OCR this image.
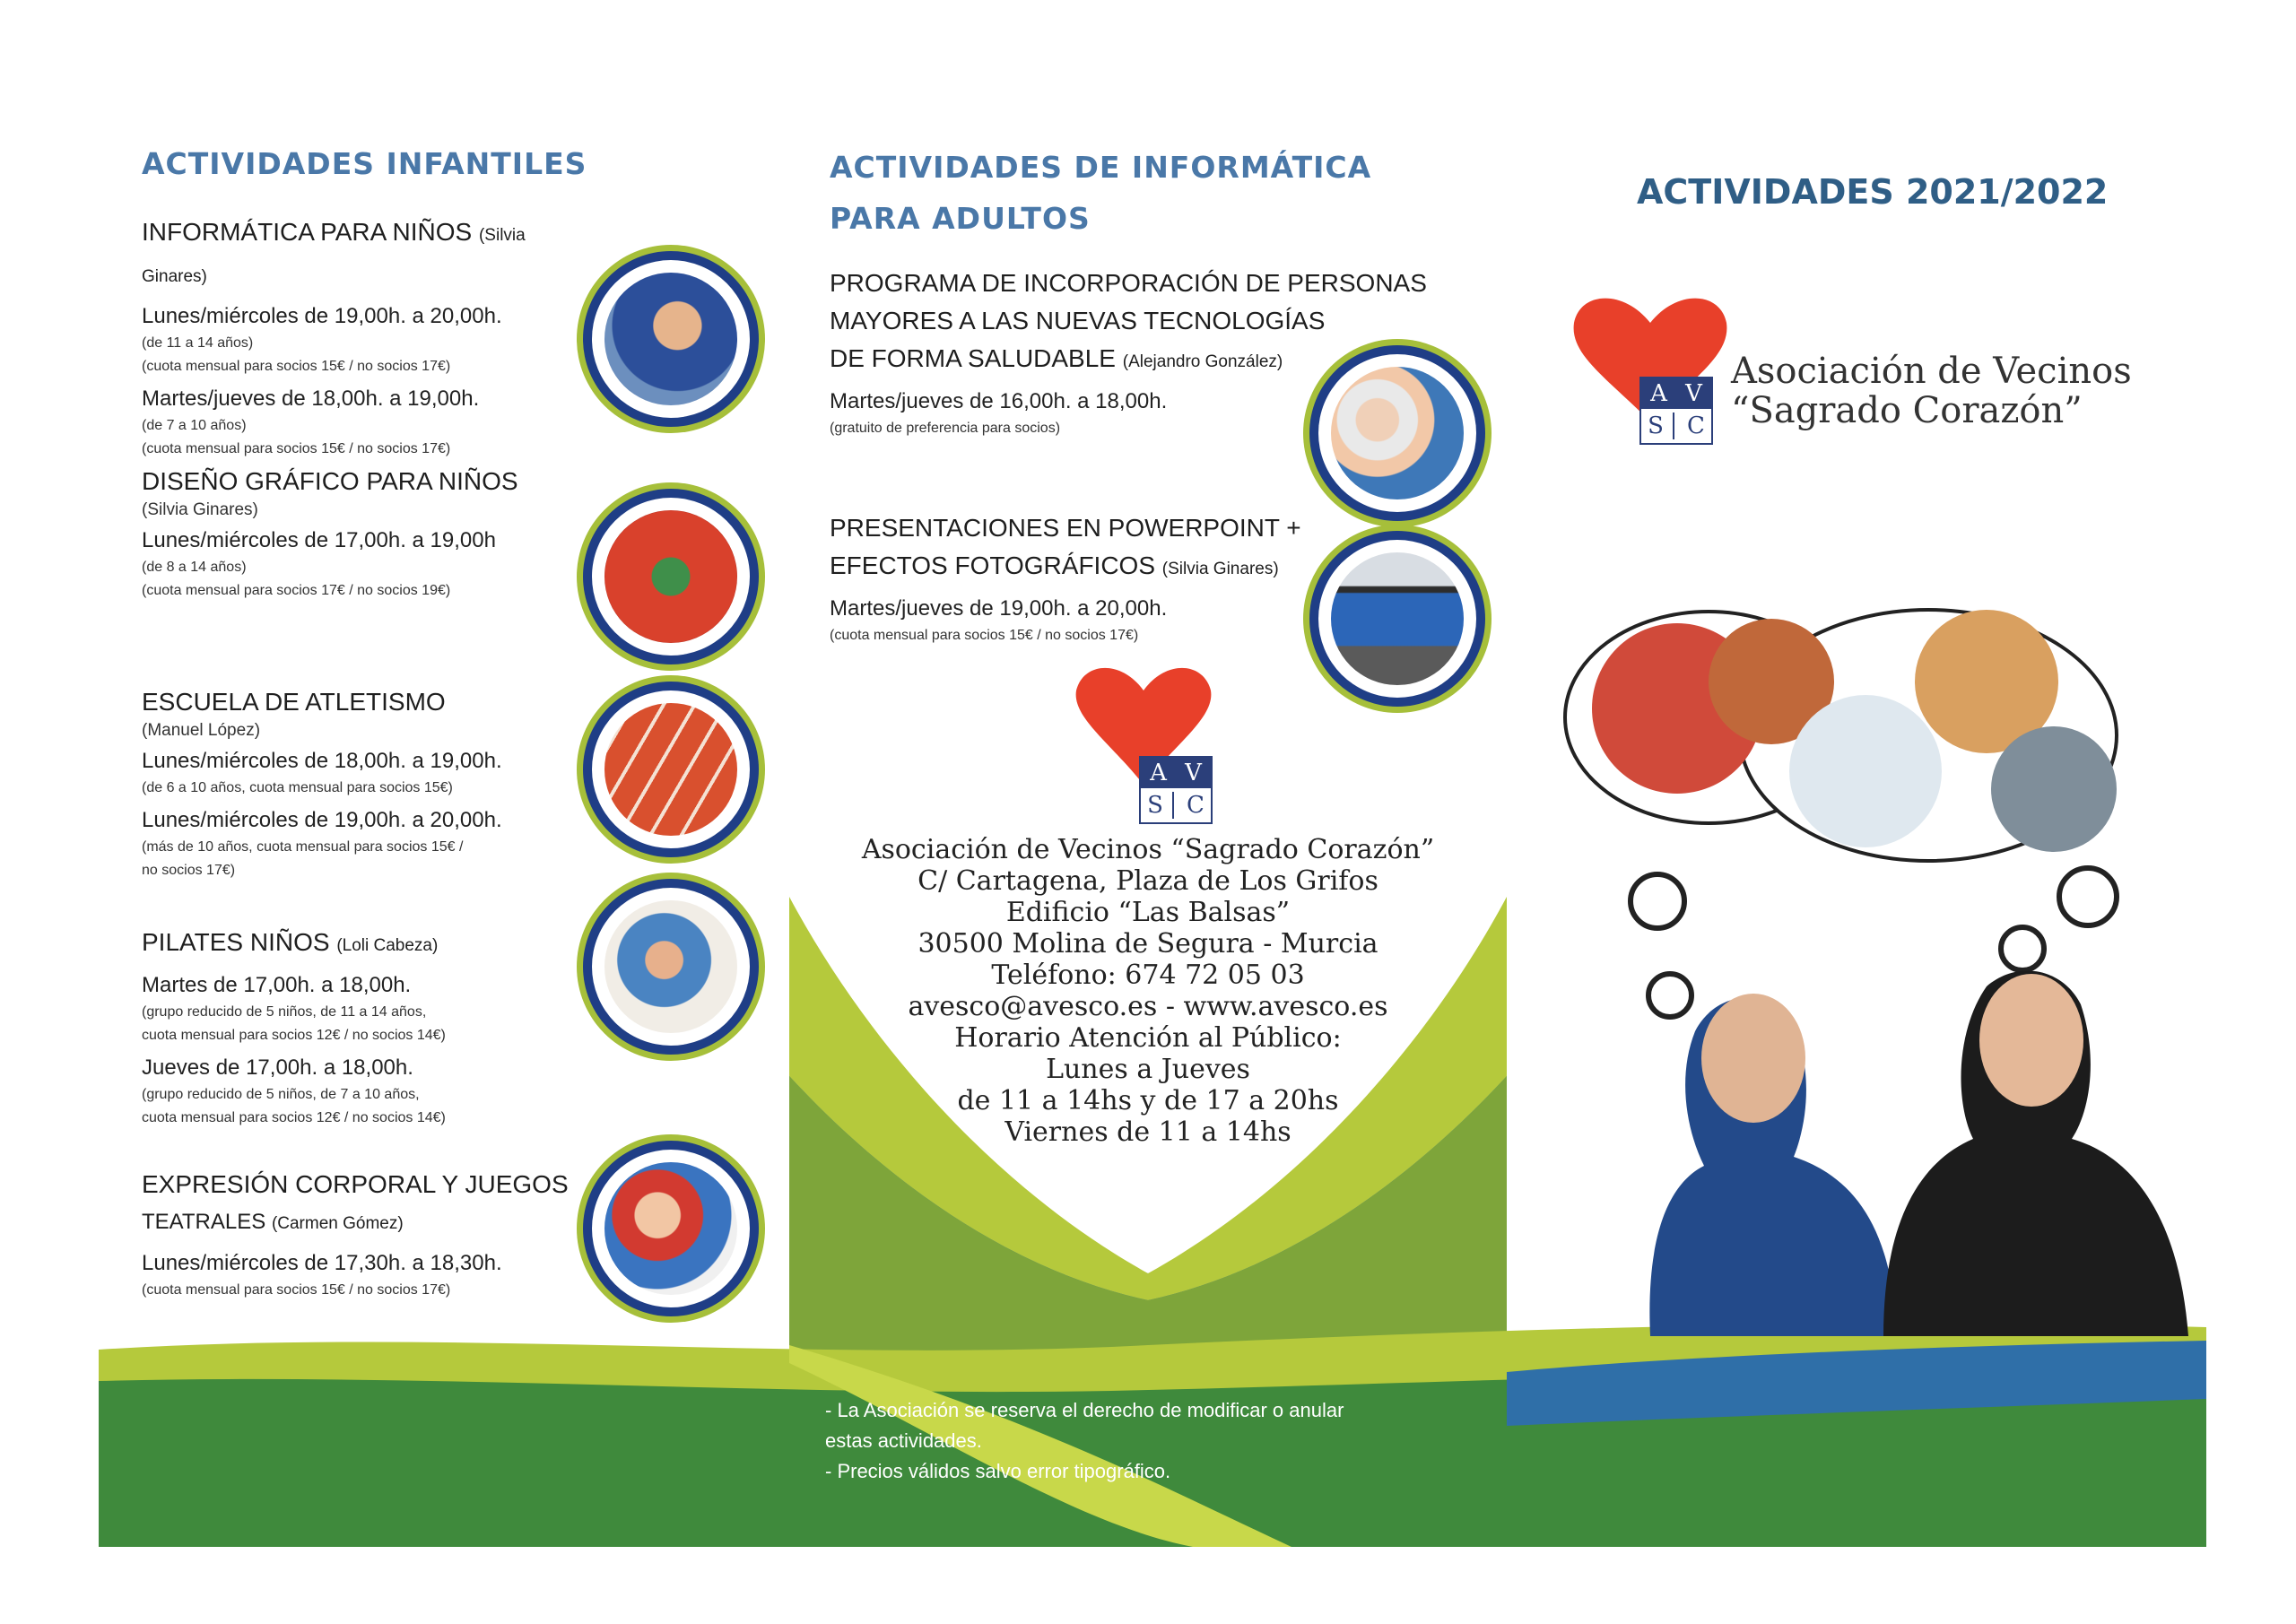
ACTIVIDADES INFANTILES

INFORMÁTICA PARA NIÑOS (Silvia Ginares)

Lunes/miércoles de 19,00h. a 20,00h.

(de 11 a 14 años)

(cuota mensual para socios 15€ / no socios 17€)

Martes/jueves de 18,00h. a 19,00h.

(de 7 a 10 años)

(cuota mensual para socios 15€ / no socios 17€)

DISEÑO GRÁFICO PARA NIÑOS

(Silvia Ginares)

Lunes/miércoles de 17,00h. a 19,00h

(de 8 a 14 años)

(cuota mensual para socios 17€ / no socios 19€)

ESCUELA DE ATLETISMO

(Manuel López)

Lunes/miércoles de 18,00h. a 19,00h.

(de 6 a 10 años, cuota mensual para socios 15€)

Lunes/miércoles de 19,00h. a 20,00h.

(más de 10 años, cuota mensual para socios 15€ /

no socios 17€)

PILATES NIÑOS (Loli Cabeza)

Martes de 17,00h. a 18,00h.

(grupo reducido de 5 niños, de 11 a 14 años,

cuota mensual para socios 12€ / no socios 14€)

Jueves de 17,00h. a 18,00h.

(grupo reducido de 5 niños, de 7 a 10 años,

cuota mensual para socios 12€ / no socios 14€)

EXPRESIÓN CORPORAL Y JUEGOS

TEATRALES (Carmen Gómez)

Lunes/miércoles de 17,30h. a 18,30h.

(cuota mensual para socios 15€ / no socios 17€)

ACTIVIDADES DE INFORMÁTICA

PARA ADULTOS

PROGRAMA DE INCORPORACIÓN DE PERSONAS

MAYORES A LAS NUEVAS TECNOLOGÍAS

DE FORMA SALUDABLE (Alejandro González)

Martes/jueves de 16,00h. a 18,00h.

(gratuito de preferencia para socios)

PRESENTACIONES EN POWERPOINT +

EFECTOS FOTOGRÁFICOS (Silvia Ginares)

Martes/jueves de 19,00h. a 20,00h.

(cuota mensual para socios 15€ / no socios 17€)

A V
S	C
Asociación de Vecinos “Sagrado Corazón”
C/ Cartagena, Plaza de Los Grifos
Edificio “Las Balsas”
30500 Molina de Segura - Murcia
Teléfono: 674 72 05 03
avesco@avesco.es - www.avesco.es
Horario Atención al Público:
Lunes a Jueves
de 11 a 14hs y de 17 a 20hs
Viernes de 11 a 14hs

- La Asociación se reserva el derecho de modificar o anular

estas actividades.

- Precios válidos salvo error tipográfico.

ACTIVIDADES 2021/2022
A V
S	C
Asociación de Vecinos
“Sagrado Corazón”
